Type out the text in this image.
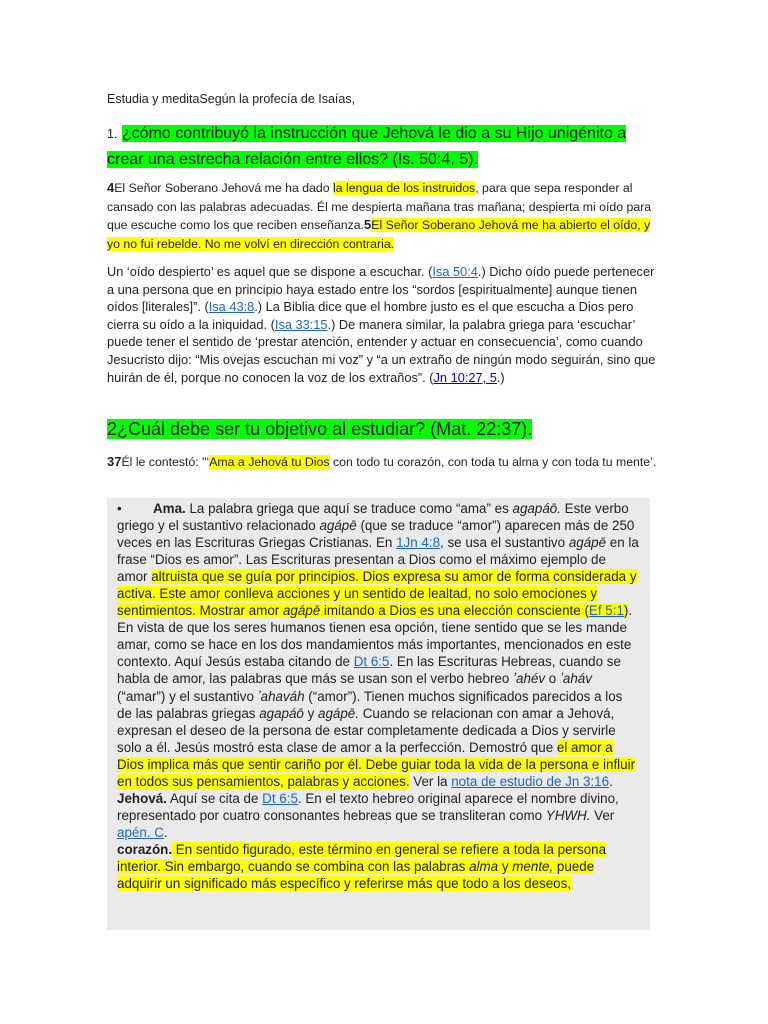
Estudia y meditaSegún la profecía de Isaías,
1. ¿cómo contribuyó la instrucción que Jehová le dio a su Hijo unigénito a crear una estrecha relación entre ellos? (Is. 50:4, 5).
4El Señor Soberano Jehová me ha dado la lengua de los instruidos, para que sepa responder al cansado con las palabras adecuadas. Él me despierta mañana tras mañana; despierta mi oído para que escuche como los que reciben enseñanza.5El Señor Soberano Jehová me ha abierto el oído, y yo no fui rebelde. No me volví en dirección contraria.
Un ‘oído despierto’ es aquel que se dispone a escuchar. (Isa 50:4.) Dicho oído puede pertenecer a una persona que en principio haya estado entre los “sordos [espiritualmente] aunque tienen oídos [literales]”. (Isa 43:8.) La Biblia dice que el hombre justo es el que escucha a Dios pero cierra su oído a la iniquidad. (Isa 33:15.) De manera similar, la palabra griega para ‘escuchar’ puede tener el sentido de ‘prestar atención, entender y actuar en consecuencia’, como cuando Jesucristo dijo: “Mis ovejas escuchan mi voz” y “a un extraño de ningún modo seguirán, sino que huirán de él, porque no conocen la voz de los extraños”. (Jn 10:27, 5.)
2¿Cuál debe ser tu objetivo al estudiar? (Mat. 22:37).
37Él le contestó: "‘Ama a Jehová tu Dios con todo tu corazón, con toda tu alma y con toda tu mente’.
• Ama. La palabra griega que aquí se traduce como “ama” es agapáō. Este verbo griego y el sustantivo relacionado agápē (que se traduce “amor”) aparecen más de 250 veces en las Escrituras Griegas Cristianas. En 1Jn 4:8, se usa el sustantivo agápē en la frase “Dios es amor”. Las Escrituras presentan a Dios como el máximo ejemplo de amor altruista que se guía por principios. Dios expresa su amor de forma considerada y activa. Este amor conlleva acciones y un sentido de lealtad, no solo emociones y sentimientos. Mostrar amor agápē imitando a Dios es una elección consciente (Ef 5:1). En vista de que los seres humanos tienen esa opción, tiene sentido que se les mande amar, como se hace en los dos mandamientos más importantes, mencionados en este contexto. Aquí Jesús estaba citando de Dt 6:5. En las Escrituras Hebreas, cuando se habla de amor, las palabras que más se usan son el verbo hebreo ʼahév o ʼaháv (“amar”) y el sustantivo ʼahaváh (“amor”). Tienen muchos significados parecidos a los de las palabras griegas agapáō y agápē. Cuando se relacionan con amar a Jehová, expresan el deseo de la persona de estar completamente dedicada a Dios y servirle solo a él. Jesús mostró esta clase de amor a la perfección. Demostró que el amor a Dios implica más que sentir cariño por él. Debe guiar toda la vida de la persona e influir en todos sus pensamientos, palabras y acciones. Ver la nota de estudio de Jn 3:16.
Jehová. Aquí se cita de Dt 6:5. En el texto hebreo original aparece el nombre divino, representado por cuatro consonantes hebreas que se transliteran como YHWH. Ver apén. C.
corazón. En sentido figurado, este término en general se refiere a toda la persona interior. Sin embargo, cuando se combina con las palabras alma y mente, puede adquirir un significado más específico y referirse más que todo a los deseos,
